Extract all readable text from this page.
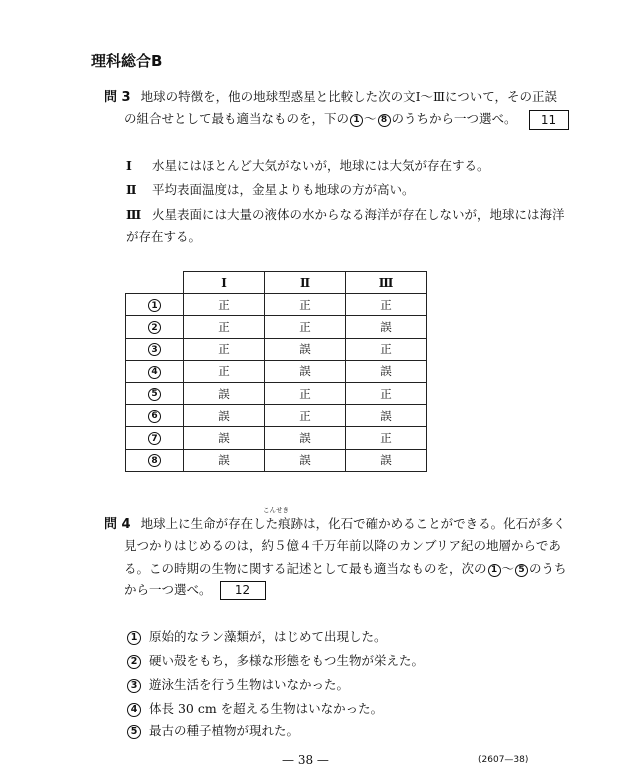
理科総合B
問 3 地球の特徴を，他の地球型惑星と比較した次の文Ⅰ～Ⅲについて，その正誤
の組合せとして最も適当なものを，下の 1 ～ 8 のうちから一つ選べ。 11
Ⅰ 水星にはほとんど大気がないが，地球には大気が存在する。
Ⅱ 平均表面温度は，金星よりも地球の方が高い。
Ⅲ 火星表面には大量の液体の水からなる海洋が存在しないが，地球には海洋
が存在する。
	Ⅰ	Ⅱ	Ⅲ
1	正	正	正
2	正	正	誤
3	正	誤	正
4	正	誤	誤
5	誤	正	正
6	誤	正	誤
7	誤	誤	正
8	誤	誤	誤
こんせき
問 4 地球上に生命が存在した痕跡は，化石で確かめることができる。化石が多く
見つかりはじめるのは，約５億４千万年前以降のカンブリア紀の地層からであ
る。この時期の生物に関する記述として最も適当なものを，次の 1 ～ 5 のうち
から一つ選べ。 12
1 原始的なラン藻類が，はじめて出現した。
2 硬い殻をもち，多様な形態をもつ生物が栄えた。
3 遊泳生活を行う生物はいなかった。
4 体長 30 cm を超える生物はいなかった。
5 最古の種子植物が現れた。
— 38 —	(2607—38)
